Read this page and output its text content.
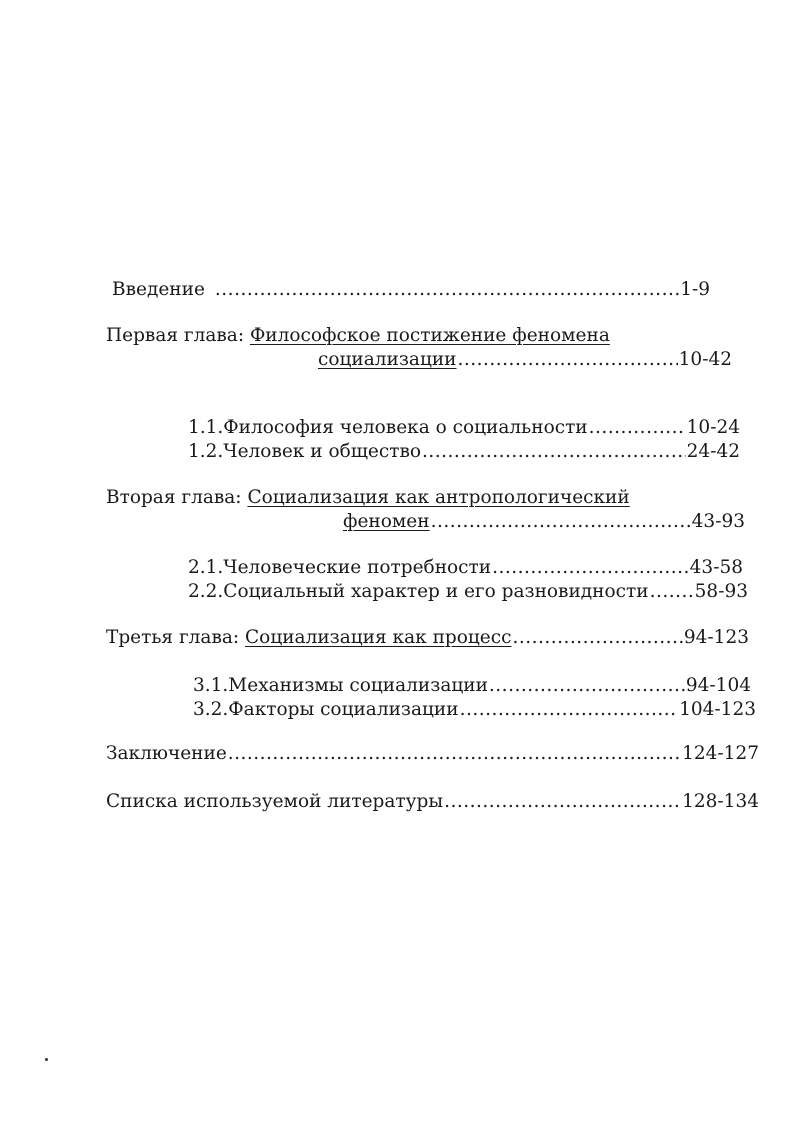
Введение .....	1-9
Первая глава: Философское постижение феномена
социализации .....	10-42
1.1.Философия человека о социальности .....	10-24
1.2.Человек и общество .....	24-42
Вторая глава: Социализация как антропологический
феномен .....	43-93
2.1.Человеческие потребности .....	43-58
2.2.Социальный характер и его разновидности ..... 58-93
Третья глава: Социализация как процесс .....	94-123
3.1.Механизмы социализации .....	94-104
3.2.Факторы социализации .....	104-123
Заключение .....	124-127
Списка используемой литературы .....	128-134
